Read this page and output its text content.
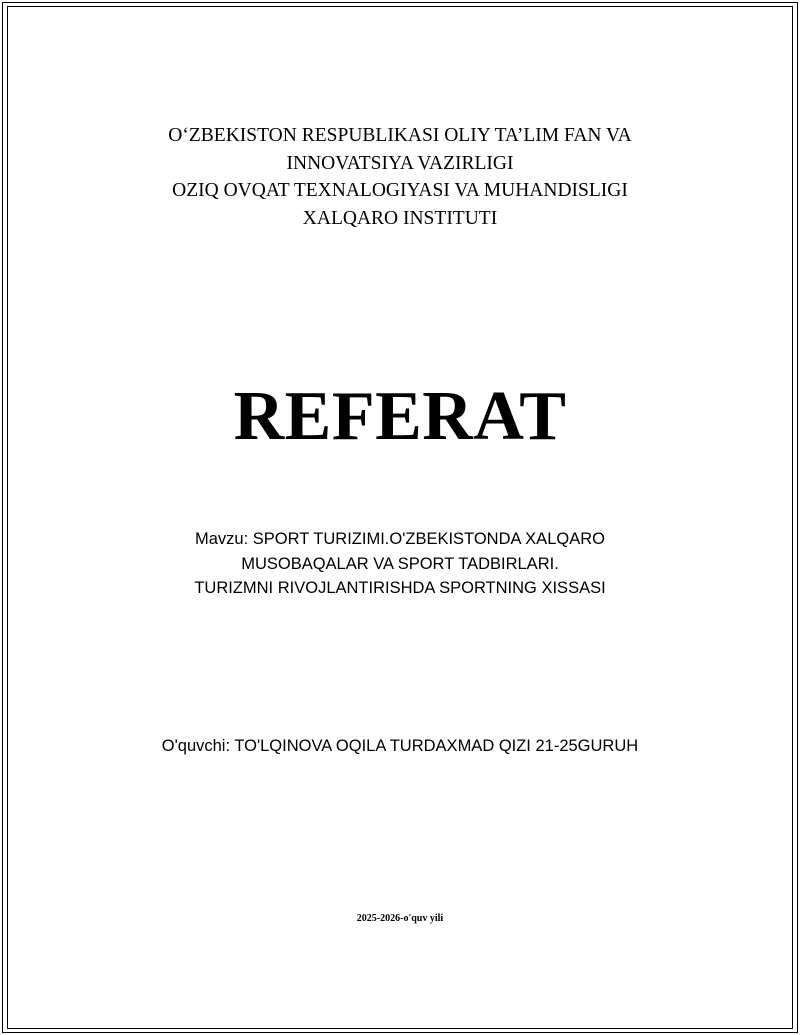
O‘ZBEKISTON RESPUBLIKASI OLIY TA’LIM FAN VA
INNOVATSIYA VAZIRLIGI
OZIQ OVQAT TEXNALOGIYASI VA MUHANDISLIGI
XALQARO INSTITUTI
REFERAT
Mavzu: SPORT TURIZIMI.O'ZBEKISTONDA XALQARO
MUSOBAQALAR VA SPORT TADBIRLARI.
TURIZMNI RIVOJLANTIRISHDA SPORTNING XISSASI
O'quvchi: TO'LQINOVA OQILA TURDAXMAD QIZI 21-25GURUH
2025-2026-o'quv yili
